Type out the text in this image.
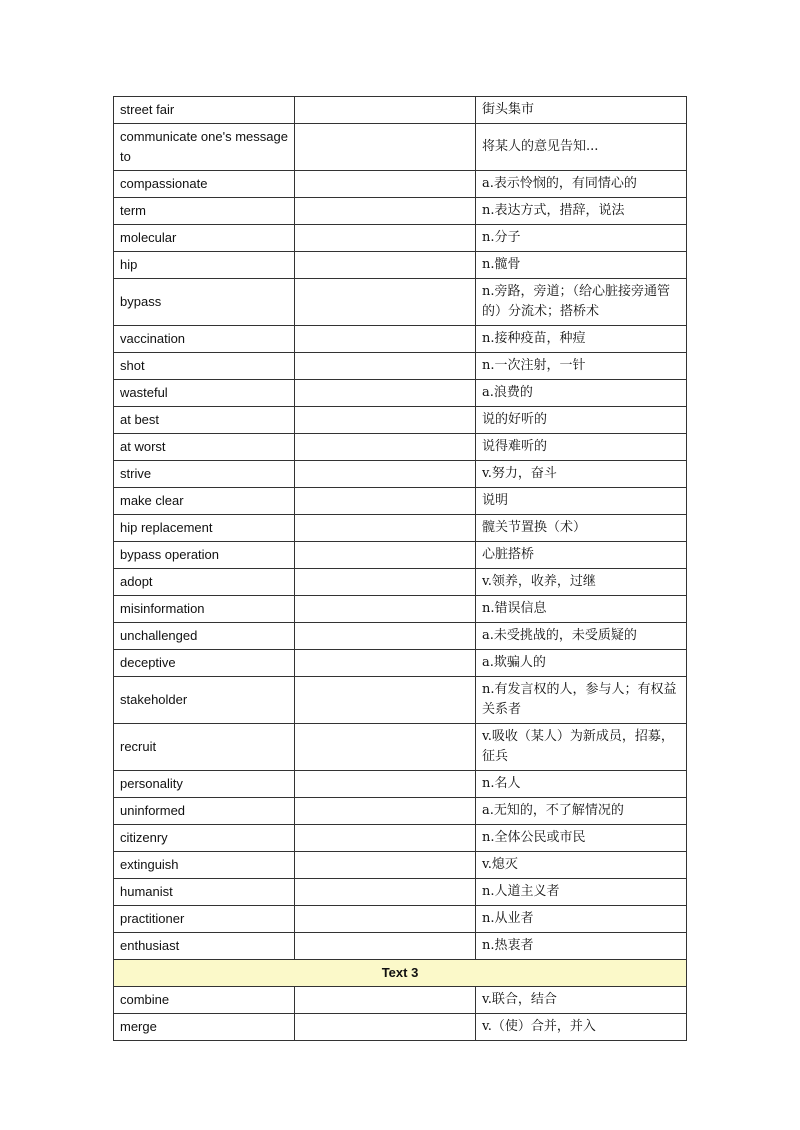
street fair		街头集市
communicate one's message to		将某人的意见告知...
compassionate		a.表示怜悯的，有同情心的
term		n.表达方式，措辞，说法
molecular		n.分子
hip		n.髋骨
bypass		n.旁路，旁道；（给心脏接旁通管的）分流术；搭桥术
vaccination		n.接种疫苗，种痘
shot		n.一次注射，一针
wasteful		a.浪费的
at best		说的好听的
at worst		说得难听的
strive		v.努力，奋斗
make clear		说明
hip replacement		髋关节置换（术）
bypass operation		心脏搭桥
adopt		v.领养，收养，过继
misinformation		n.错误信息
unchallenged		a.未受挑战的，未受质疑的
deceptive		a.欺骗人的
stakeholder		n.有发言权的人，参与人；有权益关系者
recruit		v.吸收（某人）为新成员，招募，征兵
personality		n.名人
uninformed		a.无知的，不了解情况的
citizenry		n.全体公民或市民
extinguish		v.熄灭
humanist		n.人道主义者
practitioner		n.从业者
enthusiast		n.热衷者
Text 3		
combine		v.联合，结合
merge		v.（使）合并，并入
